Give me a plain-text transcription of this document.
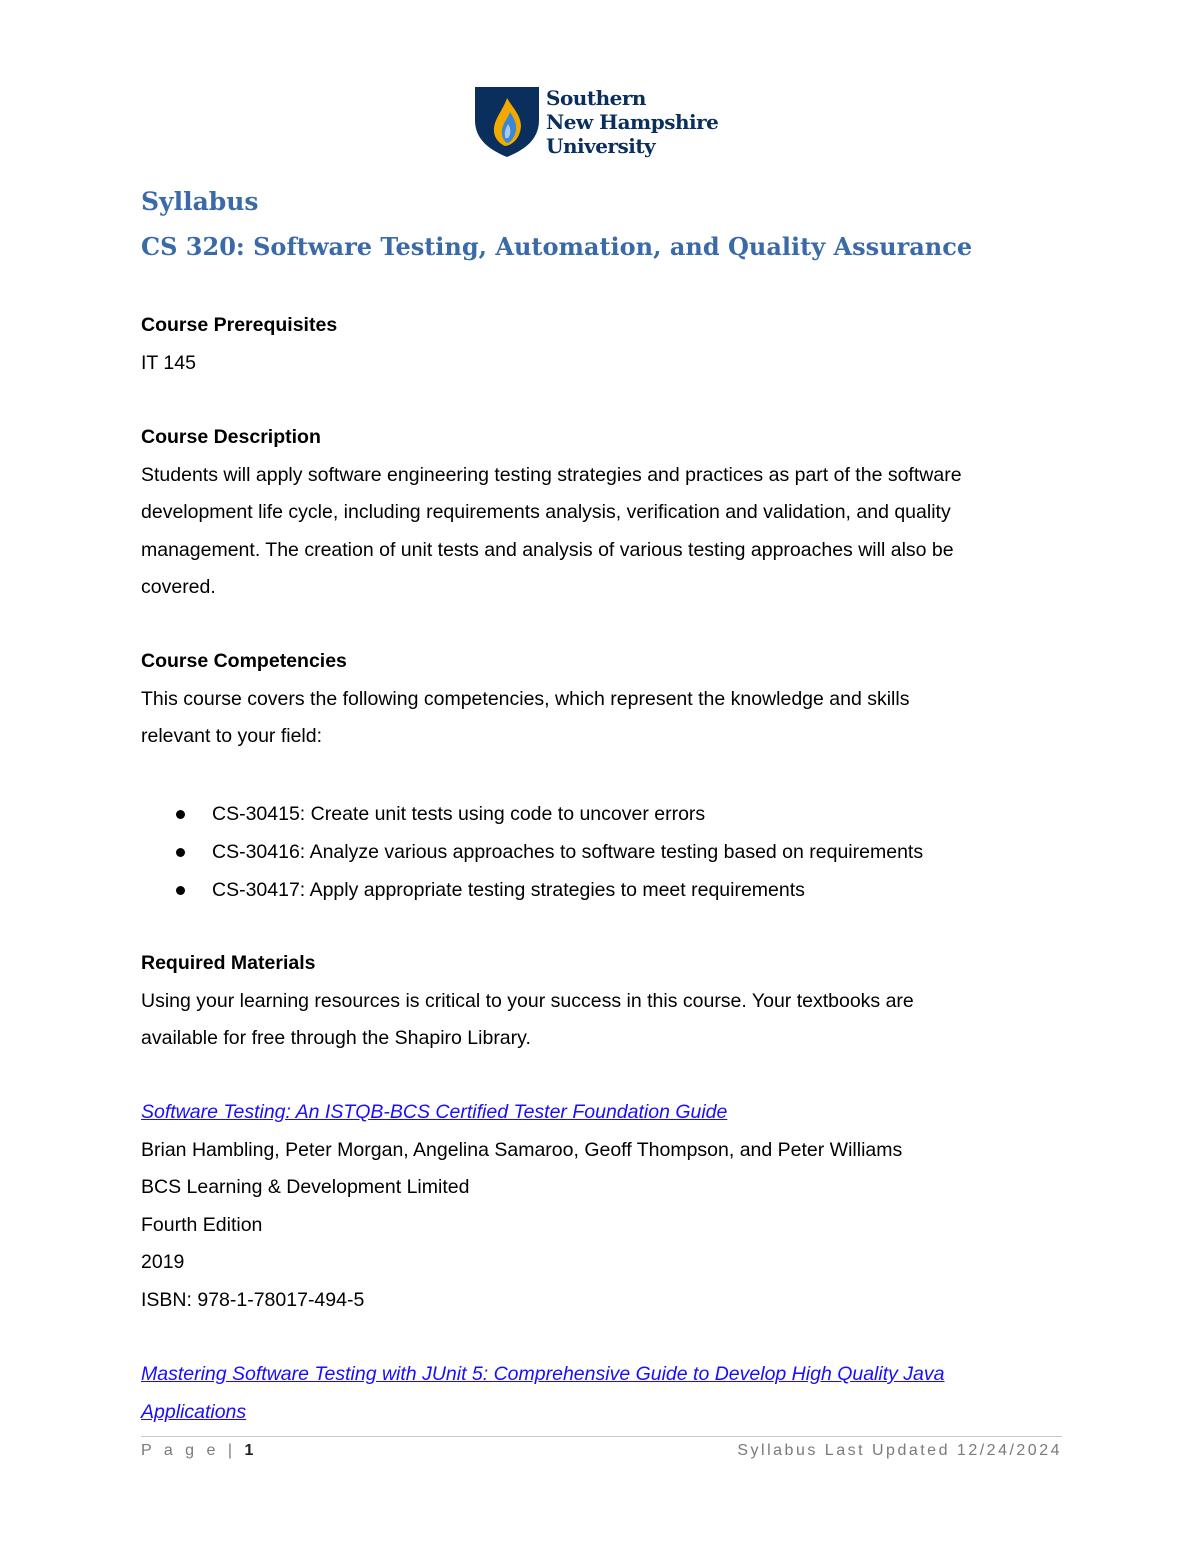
Southern
New Hampshire
University
Syllabus
CS 320: Software Testing, Automation, and Quality Assurance
Course Prerequisites
IT 145
Course Description
Students will apply software engineering testing strategies and practices as part of the software
development life cycle, including requirements analysis, verification and validation, and quality
management. The creation of unit tests and analysis of various testing approaches will also be
covered.
Course Competencies
This course covers the following competencies, which represent the knowledge and skills
relevant to your field:
CS-30415: Create unit tests using code to uncover errors
CS-30416: Analyze various approaches to software testing based on requirements
CS-30417: Apply appropriate testing strategies to meet requirements
Required Materials
Using your learning resources is critical to your success in this course. Your textbooks are
available for free through the Shapiro Library.
Software Testing: An ISTQB-BCS Certified Tester Foundation Guide
Brian Hambling, Peter Morgan, Angelina Samaroo, Geoff Thompson, and Peter Williams
BCS Learning & Development Limited
Fourth Edition
2019
ISBN: 978-1-78017-494-5
Mastering Software Testing with JUnit 5: Comprehensive Guide to Develop High Quality Java
Applications
P a g e | 1	Syllabus Last Updated 12/24/2024
